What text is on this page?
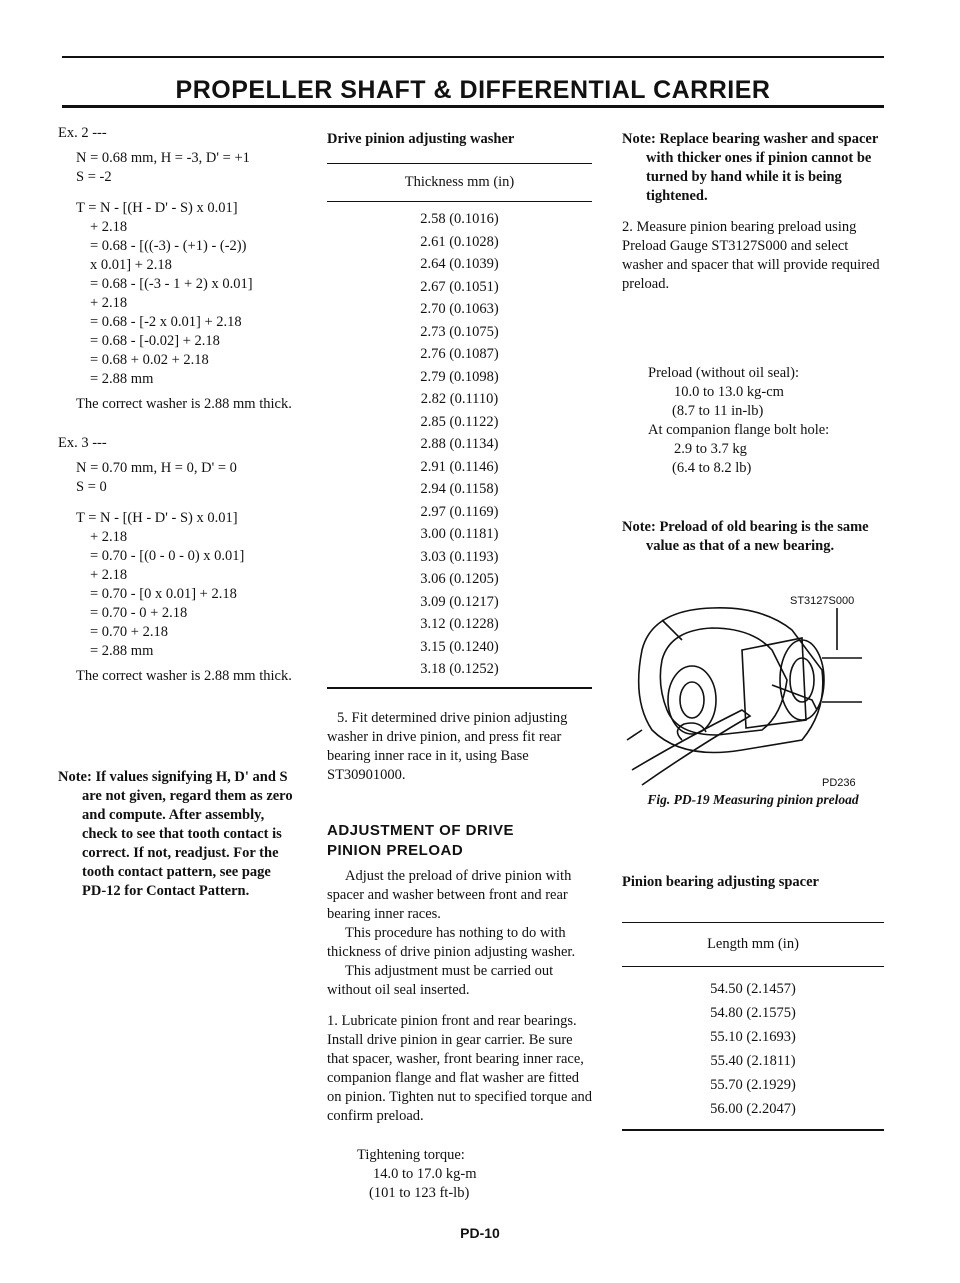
PROPELLER SHAFT & DIFFERENTIAL CARRIER
Ex. 2 ---
N = 0.68 mm, H = -3, D' = +1
S = -2
T = N - [(H - D' - S) x 0.01]
+ 2.18
= 0.68 - [((-3) - (+1) - (-2))
x 0.01] + 2.18
= 0.68 - [(-3 - 1 + 2) x 0.01]
+ 2.18
= 0.68 - [-2 x 0.01] + 2.18
= 0.68 - [-0.02] + 2.18
= 0.68 + 0.02 + 2.18
= 2.88 mm

The correct washer is 2.88 mm thick.

Ex. 3 ---
N = 0.70 mm, H = 0, D' = 0
S = 0
T = N - [(H - D' - S) x 0.01]
+ 2.18
= 0.70 - [(0 - 0 - 0) x 0.01]
+ 2.18
= 0.70 - [0 x 0.01] + 2.18
= 0.70 - 0 + 2.18
= 0.70 + 2.18
= 2.88 mm

The correct washer is 2.88 mm thick.

Note: If values signifying H, D' and S are not given, regard them as zero and compute. After assembly, check to see that tooth contact is correct. If not, readjust. For the tooth contact pattern, see page PD-12 for Contact Pattern.

Drive pinion adjusting washer
Thickness mm (in)
2.58 (0.1016)
2.61 (0.1028)
2.64 (0.1039)
2.67 (0.1051)
2.70 (0.1063)
2.73 (0.1075)
2.76 (0.1087)
2.79 (0.1098)
2.82 (0.1110)
2.85 (0.1122)
2.88 (0.1134)
2.91 (0.1146)
2.94 (0.1158)
2.97 (0.1169)
3.00 (0.1181)
3.03 (0.1193)
3.06 (0.1205)
3.09 (0.1217)
3.12 (0.1228)
3.15 (0.1240)
3.18 (0.1252)

5. Fit determined drive pinion adjusting washer in drive pinion, and press fit rear bearing inner race in it, using Base ST30901000.

ADJUSTMENT OF DRIVE
PINION PRELOAD

Adjust the preload of drive pinion with spacer and washer between front and rear bearing inner races.

This procedure has nothing to do with thickness of drive pinion adjusting washer.

This adjustment must be carried out without oil seal inserted.

1. Lubricate pinion front and rear bearings. Install drive pinion in gear carrier. Be sure that spacer, washer, front bearing inner race, companion flange and flat washer are fitted on pinion. Tighten nut to specified torque and confirm preload.

Tightening torque:
14.0 to 17.0 kg-m
(101 to 123 ft-lb)

Note: Replace bearing washer and spacer with thicker ones if pinion cannot be turned by hand while it is being tightened.

2. Measure pinion bearing preload using Preload Gauge ST3127S000 and select washer and spacer that will provide required preload.

Preload (without oil seal):
10.0 to 13.0 kg-cm
(8.7 to 11 in-lb)
At companion flange bolt hole:
2.9 to 3.7 kg
(6.4 to 8.2 lb)

Note: Preload of old bearing is the same value as that of a new bearing.

ST3127S000
PD236
Fig. PD-19 Measuring pinion preload
Pinion bearing adjusting spacer
Length mm (in)
54.50 (2.1457)
54.80 (2.1575)
55.10 (2.1693)
55.40 (2.1811)
55.70 (2.1929)
56.00 (2.2047)
PD-10
